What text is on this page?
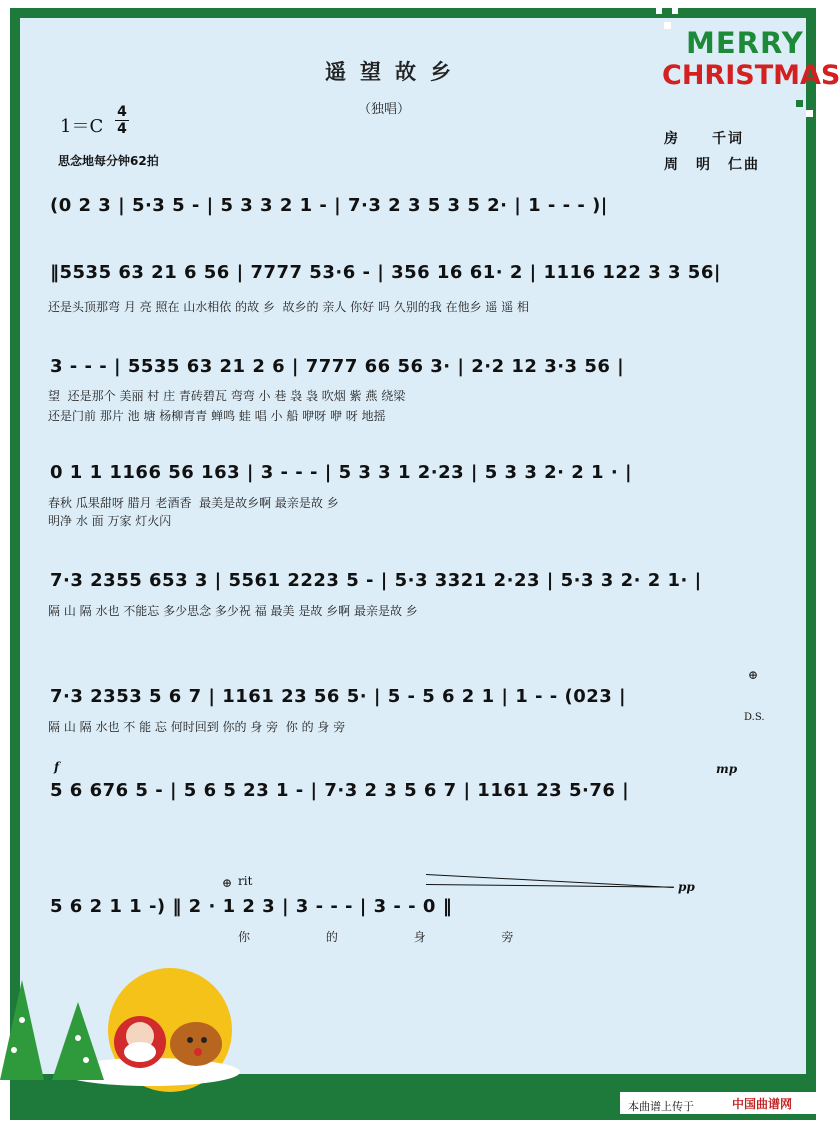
MERRY
CHRISTMAS
遥望故乡
（独唱）
1＝C
4
4
思念地每分钟62拍
房　　千词
周　明　仁曲
(0 2 3 | 5·3 5 - | 5 3 3 2 1 - | 7·3 2 3 5 3 5 2· | 1 - - - )|
‖5535 63 21 6 56 | 7777 53·6 - | 356 16 61· 2 | 1116 122 3 3 56|
还是头顶那弯 月 亮 照在 山水相依 的故 乡  故乡的 亲人 你好 吗 久别的我 在他乡 遥 遥 相
3 - - - | 5535 63 21 2 6 | 7777 66 56 3· | 2·2 12 3·3 56 |
望  还是那个 美丽 村 庄 青砖碧瓦 弯弯 小 巷 袅 袅 吹烟 紫 燕 绕梁
还是门前 那片 池 塘 杨柳青青 蝉鸣 蛙 唱 小 船 咿呀 咿 呀 地摇
0 1 1 1166 56 163 | 3 - - - | 5 3 3 1 2·23 | 5 3 3 2· 2 1 · |
春秋 瓜果甜呀 腊月 老酒香  最美是故乡啊 最亲是故 乡
明净 水 面 万家 灯火闪
7·3 2355 653 3 | 5561 2223 5 - | 5·3 3321 2·23 | 5·3 3 2· 2 1· |
隔 山 隔 水也 不能忘 多少思念 多少祝 福 最美 是故 乡啊 最亲是故 乡
7·3 2353 5 6 7 | 1161 23 56 5· | 5 - 5 6 2 1 | 1 - - (023 |
隔 山 隔 水也 不 能 忘 何时回到 你的 身 旁  你 的 身 旁
D.S.
⊕
f
5 6 676 5 - | 5 6 5 23 1 - | 7·3 2 3 5 6 7 | 1161 23 5·76 |
mp
rit
⊕	pp
5 6 2 1 1 -) ‖ 2 · 1 2 3 | 3 - - - | 3 - - 0 ‖
你 的 身 旁
本曲谱上传于	中国曲谱网
